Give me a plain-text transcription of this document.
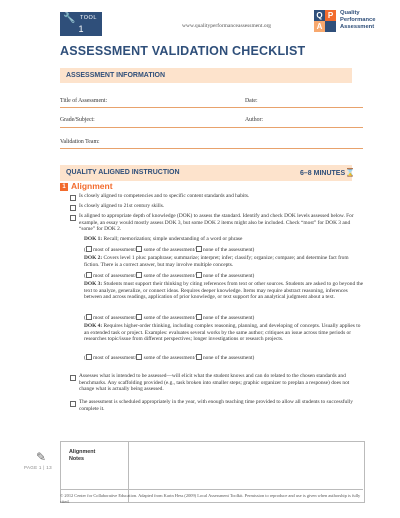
🔧 TOOL
1	www.qualityperformanceassessment.org
Q P
A
Quality
Performance
Assessment
ASSESSMENT VALIDATION CHECKLIST
ASSESSMENT INFORMATION
Title of Assessment:	Date:
Grade/Subject:	Author:
Validation Team:
QUALITY ALIGNED INSTRUCTION	6–8 MINUTES ⌛
1 Alignment
Is closely aligned to competencies and to specific content standards and habits.
Is closely aligned to 21st century skills.
Is aligned to appropriate depth of knowledge (DOK) to assess the standard. Identify and check DOK levels assessed below. For example, an essay would mostly assess DOK 3, but some DOK 2 items might also be included. Check “most” for DOK 3 and “some” for DOK 2.
DOK 1: Recall; memorization; simple understanding of a word or phrase
( most of assessment/ some of the assessment/ none of the assessment)
DOK 2: Covers level 1 plus: paraphrase; summarize; interpret; infer; classify; organize; compare; and determine fact from fiction. There is a correct answer, but may involve multiple concepts.
( most of assessment/ some of the assessment/ none of the assessment)
DOK 3: Students must support their thinking by citing references from text or other sources. Students are asked to go beyond the text to analyze, generalize, or connect ideas. Requires deeper knowledge. Items may require abstract reasoning, inferences between and across readings, application of prior knowledge, or text support for an analytical judgment about a text.
( most of assessment/ some of the assessment/ none of the assessment)
DOK 4: Requires higher-order thinking, including complex reasoning, planning, and developing of concepts. Usually applies to an extended task or project. Examples: evaluates several works by the same author; critiques an issue across time periods or researches topic/issue from different perspectives; longer investigations or research projects.
( most of assessment/ some of the assessment/ none of the assessment)
Assesses what is intended to be assessed—will elicit what the student knows and can do related to the chosen standards and benchmarks. Any scaffolding provided (e.g., task broken into smaller steps; graphic organizer to preplan a response) does not change what is actually being assessed.
The assessment is scheduled appropriately in the year, with enough teaching time provided to allow all students to successfully complete it.
✎	Alignment
Notes
PAGE 1 | 13
© 2012 Center for Collaborative Education. Adapted from Karin Hess (2009) Local Assessment Toolkit. Permission to reproduce and use is given when authorship is fully cited.
